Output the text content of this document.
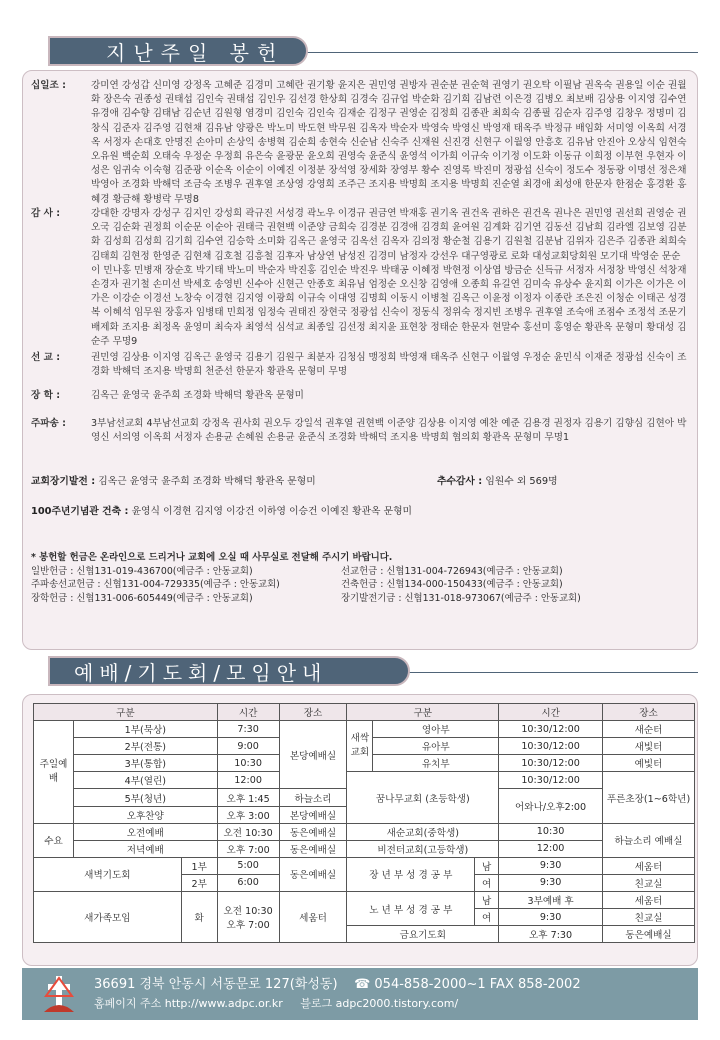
지난주일 봉헌
십일조 :	강미연 강성갑 신미영 강정옥 고혜준 김경미 고혜란 권기황 윤지은 권민영 권방자 권순분 권순혁 권영기 권오탁 이필남 권옥숙 권용일 이순 권월화 장은숙 권종성 권태섭 김인숙 권태섭 김인우 김선경 한상희 김경숙 김규업 박순화 김기희 김남련 이은경 김병오 최보배 김상용 이지영 김수연 유경애 김수향 김태남 김순년 김원형 염경미 김인숙 김인숙 김재순 김정구 권영순 김정희 김종관 최희숙 김종필 김순자 김주영 김창우 정명미 김창식 김준자 김주영 김현채 김유남 양광은 박노미 박도현 박무원 김옥자 박순자 박영숙 박영신 박영재 태옥주 박정규 배임화 서미영 이옥희 서경옥 서정자 손대호 안명진 손아미 손상익 송병혁 김순희 송현숙 신순남 신숙주 신재원 신진경 신현구 이월영 안흥호 김유남 안진아 오상식 임현숙 오유원 백순희 오태숙 우정순 우정희 유은숙 윤광문 윤오희 권영숙 윤준식 윤영석 이가희 이규숙 이기정 이도화 이동규 이희정 이부현 우현자 이성은 임귀숙 이숙형 김준광 이순옥 이순이 이예진 이정분 장석영 장세화 장영부 황수 진영록 박진미 정광섭 신숙이 정도수 정동광 이명선 정은채 박영아 조경화 박해덕 조금숙 조병우 권후열 조상영 강영희 조주근 조지용 박명희 조지용 박명희 진순열 최경애 최성애 한문자 한점순 홍경환 홍혜경 황금해 황병락 무명8
감 사 :	강대한 강명자 강성구 김지인 강성희 곽규진 서성경 곽노우 이경규 권금연 박재홍 권기옥 권건옥 권하은 권건옥 권나은 권민영 권선희 권영순 권오국 김순화 권정희 이순문 이순아 권태극 권현백 이준양 금희숙 김경분 김경애 김경희 윤여원 김계화 김기연 김동선 김남희 김라엘 김보영 김분화 김성희 김성희 김기희 김수연 김승학 소미화 김옥근 윤영국 김옥선 김옥자 김의정 황순철 김용기 김원철 김분남 김위자 김은주 김종관 최희숙 김태희 김현정 한영준 김현채 김호철 김흥철 김후자 남상연 남성진 김경미 남정자 강선우 대구영광로 로화 대성교회당회원 모기대 박영순 문순이 민나홍 민병재 장순호 박기태 박노미 박순자 박진홍 김인순 박진우 박태공 이혜정 박현정 이상엽 방금순 신득규 서정자 서정창 박영신 석창재 손경자 권기철 손미선 박세호 송영빈 신수아 신현근 안종호 최유님 엄정순 오신창 김영애 오종희 유길연 김미숙 유상수 윤지희 이가은 이가은 이가은 이강순 이경선 노창숙 이경현 김지영 이광희 이규숙 이대영 김명희 이동시 이병철 김옥근 이윤정 이정자 이종란 조은진 이청순 이태곤 성경복 이혜석 임무원 장홍자 임병태 민희정 임정숙 권태진 장현국 정광섭 신숙이 정동식 정위숙 정지빈 조병우 권후열 조숙애 조점수 조정석 조문기 배제화 조지용 최정옥 윤영미 최숙자 최영석 심석교 최종일 김선정 최지윤 표현창 정태순 한문자 현말수 홍선미 홍영순 황관옥 문형미 황대성 김순주 무명9
선 교 :	권민영 김상용 이지영 김옥근 윤영국 김용기 김원구 최분자 김청심 맹정희 박영재 태옥주 신현구 이월영 우정순 윤민식 이재준 정광섭 신숙이 조경화 박해덕 조지용 박명희 천준선 한문자 황관옥 문형미 무명
장 학 :	김옥근 윤영국 윤주희 조경화 박해덕 황관옥 문형미
주파송 :	3부남선교회 4부남선교회 강정옥 권사회 권오두 강일석 권후열 권현백 이준양 김상용 이지영 예찬 예준 김용경 권정자 김용기 김향심 김현아 박영신 서의영 이옥희 서정자 손용균 손혜원 손용균 윤준식 조경화 박해덕 조지용 박명희 협의회 황관옥 문형미 무명1
교회장기발전 : 김옥근 윤영국 윤주희 조경화 박해덕 황관옥 문형미	추수감사 : 임원수 외 569명
100주년기념관 건축 : 윤영식 이경현 김지영 이강건 이하영 이승건 이예진 황관옥 문형미
* 봉헌할 헌금은 온라인으로 드리거나 교회에 오실 때 사무실로 전달해 주시기 바랍니다.
일반헌금 : 신협131-019-436700(예금주 : 안동교회)	선교헌금 : 신협131-004-726943(예금주 : 안동교회)
주파송선교헌금 : 신협131-004-729335(예금주 : 안동교회)	건축헌금 : 신협134-000-150433(예금주 : 안동교회)
장학헌금 : 신협131-006-605449(예금주 : 안동교회)	장기발전기금 : 신협131-018-973067(예금주 : 안동교회)
예배/기도회/모임안내
구분			시간	장소	구분			시간	장소
주일예배	1부(묵상)		7:30	본당예배실	새싹교회	영아부		10:30/12:00	새순터
	2부(전통)		9:00			유아부		10:30/12:00	새빛터
	3부(통합)		10:30			유치부		10:30/12:00	예빛터
	4부(열린)		12:00		꿈나무교회 (초등학생)			10:30/12:00	푸른초장(1~6학년)
	5부(청년)		오후 1:45	하늘소리				어와나/오후2:00	
	오후찬양		오후 3:00	본당예배실					
수요	오전예배		오전 10:30	동은예배실	새순교회(중학생)			10:30	하늘소리 예배실
	저녁예배		오후 7:00	동은예배실	비전터교회(고등학생)			12:00	
새벽기도회		1부	5:00	동은예배실	장 년 부 성 경 공 부		남	9:30	세움터
		2부	6:00				여	9:30	친교실
새가족모임		화	오전 10:30 오후 7:00	세움터	노 년 부 성 경 공 부		남	3부예배 후	세움터
							여	9:30	친교실
					금요기도회			오후 7:30	동은예배실
36691 경북 안동시 서동문로 127(화성동) ☎ 054-858-2000~1 FAX 858-2002
홈페이지 주소 http://www.adpc.or.kr     블로그 adpc2000.tistory.com/
